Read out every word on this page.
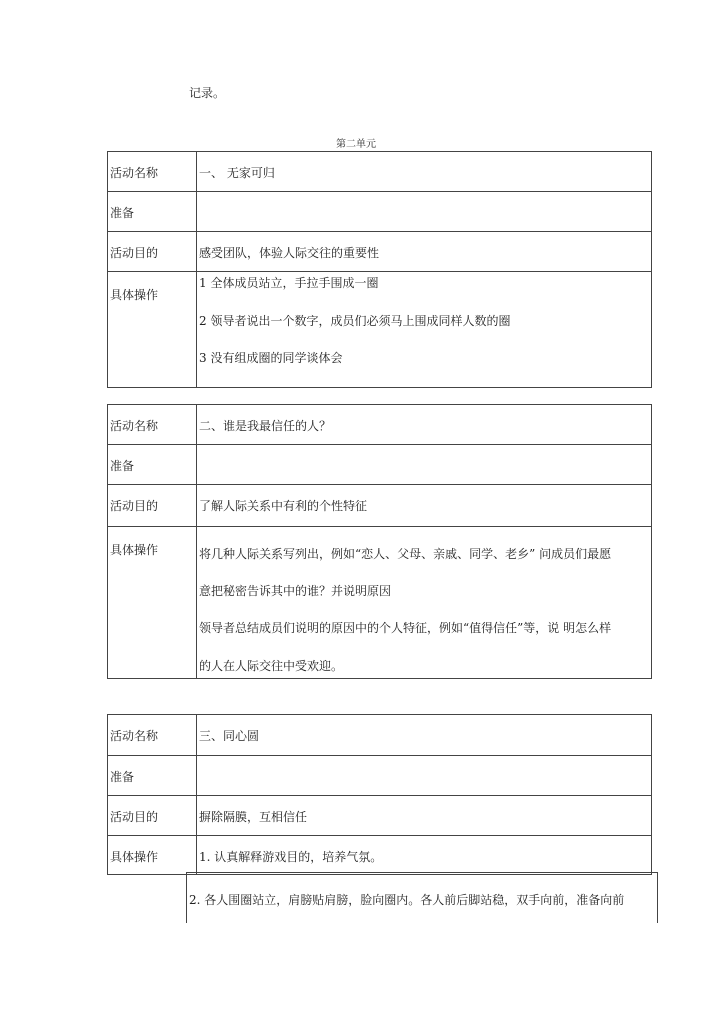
记录。
第二单元
活动名称	一、 无家可归

准备	

活动目的	感受团队，体验人际交往的重要性

具体操作	1 全体成员站立，手拉手围成一圈
2 领导者说出一个数字，成员们必须马上围成同样人数的圈
3 没有组成圈的同学谈体会
活动名称	二、谁是我最信任的人？

准备	

活动目的	了解人际关系中有利的个性特征

具体操作	将几种人际关系写列出，例如“恋人、父母、亲戚、同学、老乡” 问成员们最愿
意把秘密告诉其中的谁？并说明原因
领导者总结成员们说明的原因中的个人特征，例如“值得信任”等，说 明怎么样
的人在人际交往中受欢迎。
活动名称	三、同心圆

准备	

活动目的	摒除隔膜，互相信任

具体操作	1. 认真解释游戏目的，培养气氛。
2. 各人围圈站立，肩膀贴肩膀，脸向圈内。各人前后脚站稳，双手向前，准备向前
